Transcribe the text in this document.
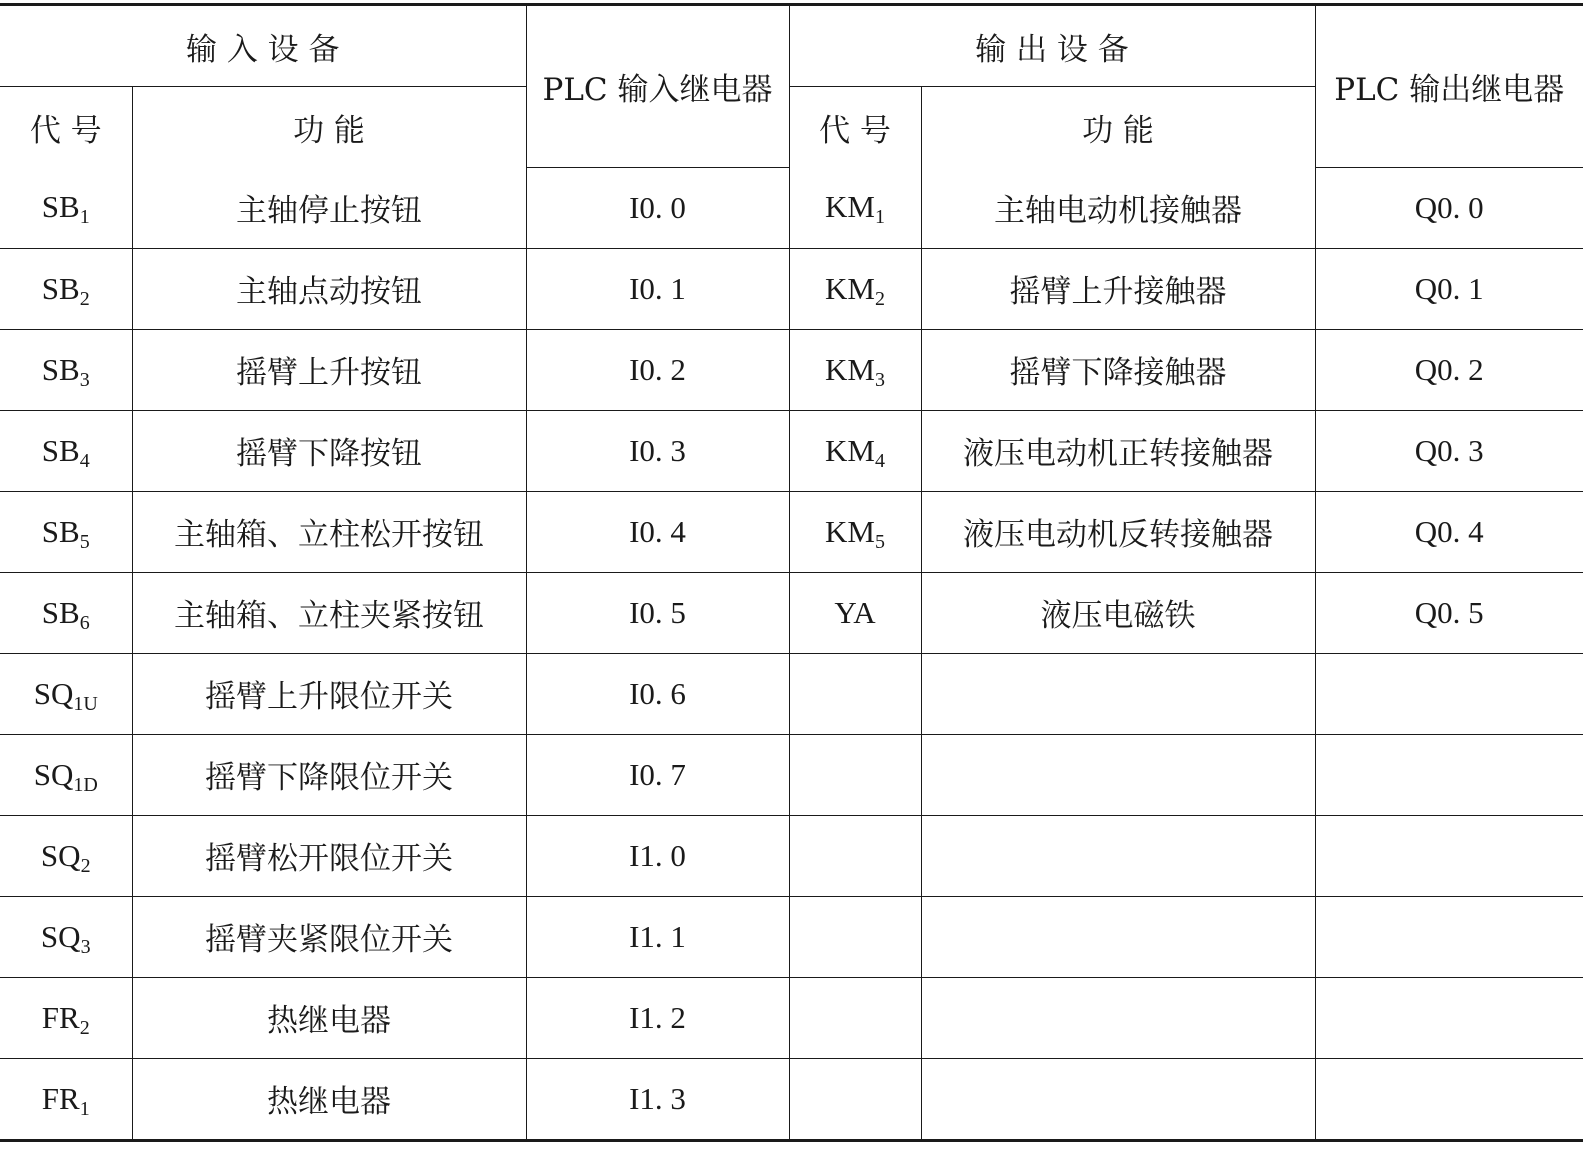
输 入 设 备		PLC 输入继电器	输 出 设 备		PLC 输出继电器
代 号	功 能		代 号	功 能	
$SB_1$	主轴停止按钮	I0. 0	$KM_1$	主轴电动机接触器	Q0. 0
$SB_2$	主轴点动按钮	I0. 1	$KM_2$	摇臂上升接触器	Q0. 1
$SB_3$	摇臂上升按钮	I0. 2	$KM_3$	摇臂下降接触器	Q0. 2
$SB_4$	摇臂下降按钮	I0. 3	$KM_4$	液压电动机正转接触器	Q0. 3
$SB_5$	主轴箱、立柱松开按钮	I0. 4	$KM_5$	液压电动机反转接触器	Q0. 4
$SB_6$	主轴箱、立柱夹紧按钮	I0. 5	YA	液压电磁铁	Q0. 5
$SQ_{1U}$	摇臂上升限位开关	I0. 6			
$SQ_{1D}$	摇臂下降限位开关	I0. 7			
$SQ_2$	摇臂松开限位开关	I1. 0			
$SQ_3$	摇臂夹紧限位开关	I1. 1			
$FR_2$	热继电器	I1. 2			
$FR_1$	热继电器	I1. 3			
